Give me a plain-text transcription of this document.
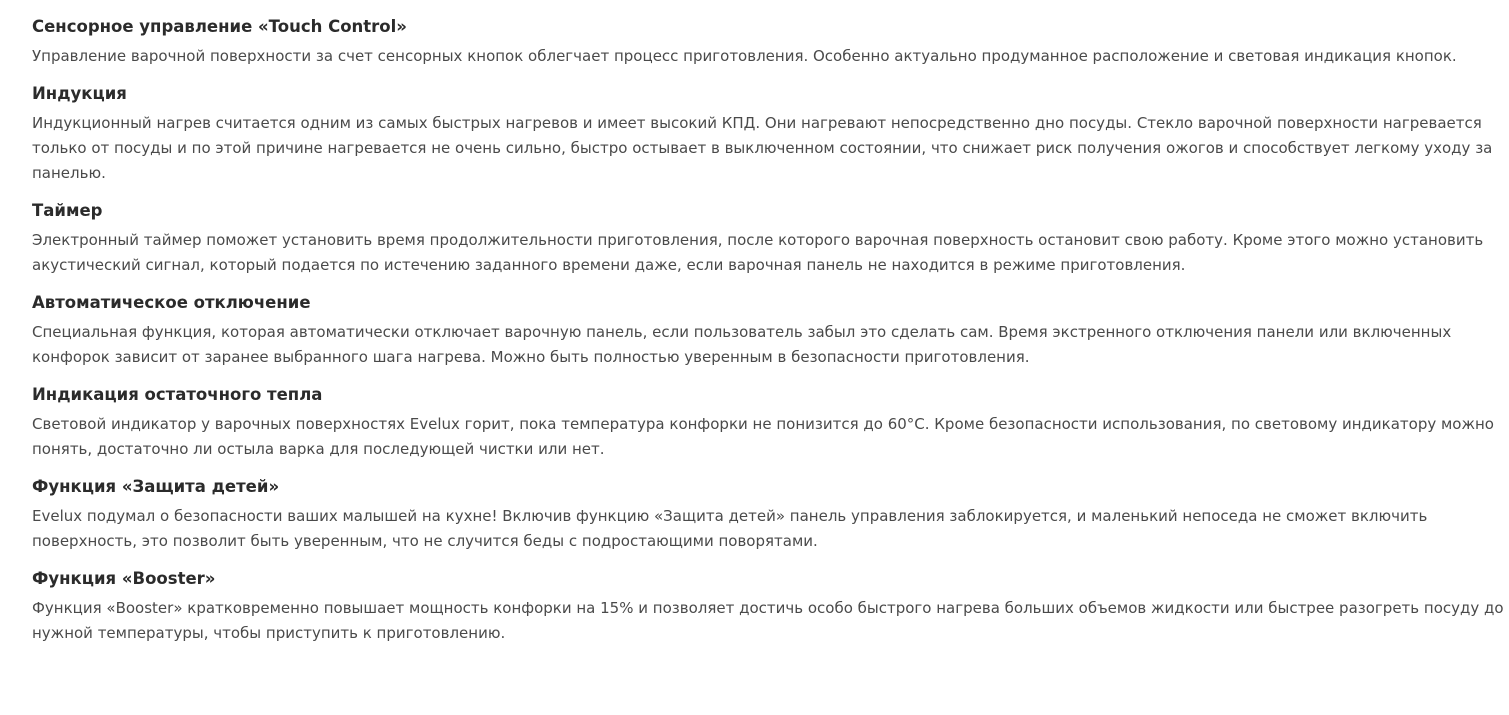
Сенсорное управление «Touch Control»

Управление варочной поверхности за счет сенсорных кнопок облегчает процесс приготовления. Особенно актуально продуманное расположение и световая индикация кнопок.

Индукция

Индукционный нагрев считается одним из самых быстрых нагревов и имеет высокий КПД. Они нагревают непосредственно дно посуды. Стекло варочной поверхности нагревается только от посуды и по этой причине нагревается не очень сильно, быстро остывает в выключенном состоянии, что снижает риск получения ожогов и способствует легкому уходу за панелью.

Таймер

Электронный таймер поможет установить время продолжительности приготовления, после которого варочная поверхность остановит свою работу. Кроме этого можно установить акустический сигнал, который подается по истечению заданного времени даже, если варочная панель не находится в режиме приготовления.

Автоматическое отключение

Специальная функция, которая автоматически отключает варочную панель, если пользователь забыл это сделать сам. Время экстренного отключения панели или включенных конфорок зависит от заранее выбранного шага нагрева. Можно быть полностью уверенным в безопасности приготовления.

Индикация остаточного тепла

Световой индикатор у варочных поверхностях Evelux горит, пока температура конфорки не понизится до 60°C. Кроме безопасности использования, по световому индикатору можно понять, достаточно ли остыла варка для последующей чистки или нет.

Функция «Защита детей»

Evelux подумал о безопасности ваших малышей на кухне! Включив функцию «Защита детей» панель управления заблокируется, и маленький непоседа не сможет включить поверхность, это позволит быть уверенным, что не случится беды с подростающими поворятами.

Функция «Booster»

Функция «Booster» кратковременно повышает мощность конфорки на 15% и позволяет достичь особо быстрого нагрева больших объемов жидкости или быстрее разогреть посуду до нужной температуры, чтобы приступить к приготовлению.
